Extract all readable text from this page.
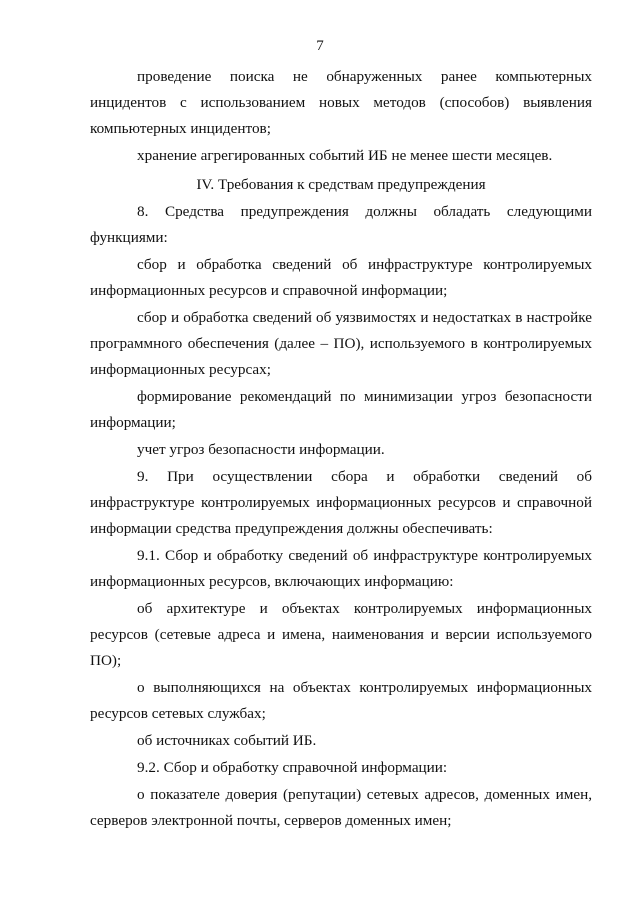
7

проведение поиска не обнаруженных ранее компьютерных инцидентов с использованием новых методов (способов) выявления компьютерных инцидентов;

хранение агрегированных событий ИБ не менее шести месяцев.

IV. Требования к средствам предупреждения

8. Средства предупреждения должны обладать следующими функциями:

сбор и обработка сведений об инфраструктуре контролируемых информационных ресурсов и справочной информации;

сбор и обработка сведений об уязвимостях и недостатках в настройке программного обеспечения (далее – ПО), используемого в контролируемых информационных ресурсах;

формирование рекомендаций по минимизации угроз безопасности информации;

учет угроз безопасности информации.

9. При осуществлении сбора и обработки сведений об инфраструктуре контролируемых информационных ресурсов и справочной информации средства предупреждения должны обеспечивать:

9.1. Сбор и обработку сведений об инфраструктуре контролируемых информационных ресурсов, включающих информацию:

об архитектуре и объектах контролируемых информационных ресурсов (сетевые адреса и имена, наименования и версии используемого ПО);

о выполняющихся на объектах контролируемых информационных ресурсов сетевых службах;

об источниках событий ИБ.

9.2. Сбор и обработку справочной информации:

о показателе доверия (репутации) сетевых адресов, доменных имен, серверов электронной почты, серверов доменных имен;
